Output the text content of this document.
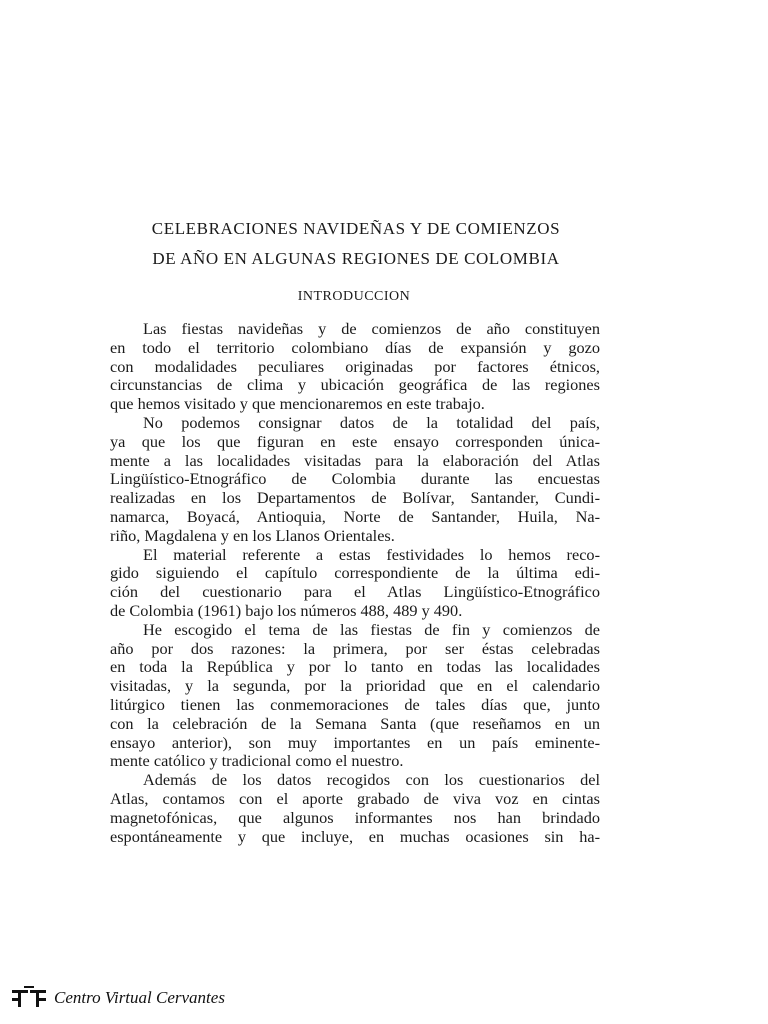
CELEBRACIONES NAVIDEÑAS Y DE COMIENZOS
DE AÑO EN ALGUNAS REGIONES DE COLOMBIA
INTRODUCCION
Las fiestas navideñas y de comienzos de año constituyen
en todo el territorio colombiano días de expansión y gozo
con modalidades peculiares originadas por factores étnicos,
circunstancias de clima y ubicación geográfica de las regiones
que hemos visitado y que mencionaremos en este trabajo.
No podemos consignar datos de la totalidad del país,
ya que los que figuran en este ensayo corresponden única-
mente a las localidades visitadas para la elaboración del Atlas
Lingüístico-Etnográfico de Colombia durante las encuestas
realizadas en los Departamentos de Bolívar, Santander, Cundi-
namarca, Boyacá, Antioquia, Norte de Santander, Huila, Na-
riño, Magdalena y en los Llanos Orientales.
El material referente a estas festividades lo hemos reco-
gido siguiendo el capítulo correspondiente de la última edi-
ción del cuestionario para el Atlas Lingüístico-Etnográfico
de Colombia (1961) bajo los números 488, 489 y 490.
He escogido el tema de las fiestas de fin y comienzos de
año por dos razones: la primera, por ser éstas celebradas
en toda la República y por lo tanto en todas las localidades
visitadas, y la segunda, por la prioridad que en el calendario
litúrgico tienen las conmemoraciones de tales días que, junto
con la celebración de la Semana Santa (que reseñamos en un
ensayo anterior), son muy importantes en un país eminente-
mente católico y tradicional como el nuestro.
Además de los datos recogidos con los cuestionarios del
Atlas, contamos con el aporte grabado de viva voz en cintas
magnetofónicas, que algunos informantes nos han brindado
espontáneamente y que incluye, en muchas ocasiones sin ha-
Centro Virtual Cervantes
